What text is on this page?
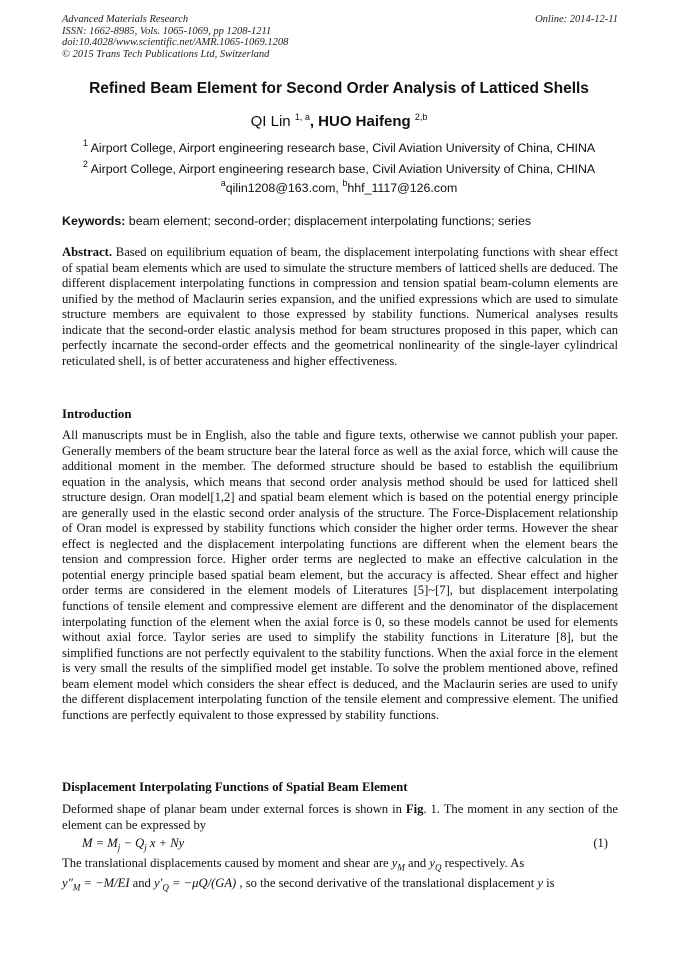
Advanced Materials Research
ISSN: 1662-8985, Vols. 1065-1069, pp 1208-1211
doi:10.4028/www.scientific.net/AMR.1065-1069.1208
© 2015 Trans Tech Publications Ltd, Switzerland
Online: 2014-12-11
Refined Beam Element for Second Order Analysis of Latticed Shells
QI Lin $^{1, a}$, HUO Haifeng $^{2,b}$
$^1$ Airport College, Airport engineering research base, Civil Aviation University of China, CHINA
$^2$ Airport College, Airport engineering research base, Civil Aviation University of China, CHINA
$^a$qilin1208@163.com, $^b$hhf_1117@126.com
Keywords: beam element; second-order; displacement interpolating functions; series
Abstract. Based on equilibrium equation of beam, the displacement interpolating functions with shear effect of spatial beam elements which are used to simulate the structure members of latticed shells are deduced. The different displacement interpolating functions in compression and tension spatial beam-column elements are unified by the method of Maclaurin series expansion, and the unified expressions which are used to simulate structure members are equivalent to those expressed by stability functions. Numerical analyses results indicate that the second-order elastic analysis method for beam structures proposed in this paper, which can perfectly incarnate the second-order effects and the geometrical nonlinearity of the single-layer cylindrical reticulated shell, is of better accurateness and higher effectiveness.
Introduction
All manuscripts must be in English, also the table and figure texts, otherwise we cannot publish your paper. Generally members of the beam structure bear the lateral force as well as the axial force, which will cause the additional moment in the member. The deformed structure should be based to establish the equilibrium equation in the analysis, which means that second order analysis method should be used for latticed shell structure design. Oran model[1,2] and spatial beam element which is based on the potential energy principle are generally used in the elastic second order analysis of the structure. The Force-Displacement relationship of Oran model is expressed by stability functions which consider the higher order terms. However the shear effect is neglected and the displacement interpolating functions are different when the element bears the tension and compression force. Higher order terms are neglected to make an effective calculation in the potential energy principle based spatial beam element, but the accuracy is affected. Shear effect and higher order terms are considered in the element models of Literatures [5]~[7], but displacement interpolating functions of tensile element and compressive element are different and the denominator of the displacement interpolating function of the element when the axial force is 0, so these models cannot be used for elements without axial force. Taylor series are used to simplify the stability functions in Literature [8], but the simplified functions are not perfectly equivalent to the stability functions. When the axial force in the element is very small the results of the simplified model get instable. To solve the problem mentioned above, refined beam element model which considers the shear effect is deduced, and the Maclaurin series are used to unify the different displacement interpolating function of the tensile element and compressive element. The unified functions are perfectly equivalent to those expressed by stability functions.
Displacement Interpolating Functions of Spatial Beam Element
Deformed shape of planar beam under external forces is shown in Fig. 1. The moment in any section of the element can be expressed by
$M = M_j - Q_j$ x + Ny	(1)
The translational displacements caused by moment and shear are $y_M$ and $y_Q$ respectively. As
$y''_M = -M/EI$ and $y'_Q = -\mu Q/(GA)$ , so the second derivative of the translational displacement y is
